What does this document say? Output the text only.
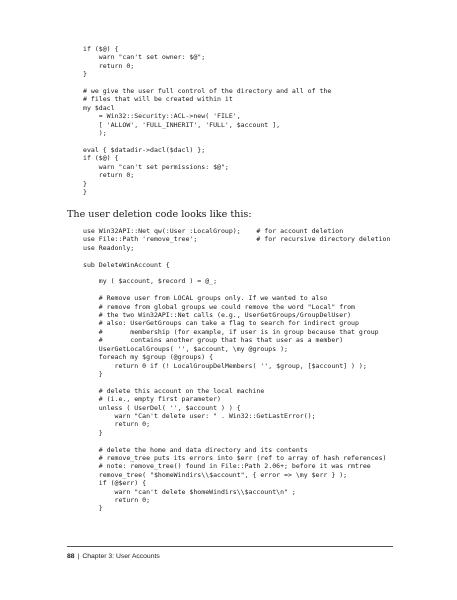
if ($@) {
warn "can't set owner: $@";
return 0;
}

# we give the user full control of the directory and all of the
# files that will be created within it
my $dacl
= Win32::Security::ACL->new( 'FILE',
[ 'ALLOW', 'FULL_INHERIT', 'FULL', $account ],
);

eval { $datadir->dacl($dacl) };
if ($@) {
warn "can't set permissions: $@";
return 0;
}
}

The user deletion code looks like this:

use Win32API::Net qw(:User :LocalGroup);    # for account deletion
use File::Path 'remove_tree';               # for recursive directory deletion
use Readonly;

sub DeleteWinAccount {

my ( $account, $record ) = @_;

# Remove user from LOCAL groups only. If we wanted to also
# remove from global groups we could remove the word "Local" from
# the two Win32API::Net calls (e.g., UserGetGroups/GroupDelUser)
# also: UserGetGroups can take a flag to search for indirect group
#       membership (for example, if user is in group because that group
#       contains another group that has that user as a member)
UserGetLocalGroups( '', $account, \my @groups );
foreach my $group (@groups) {
return 0 if (! LocalGroupDelMembers( '', $group, [$account] ) );
}

# delete this account on the local machine
# (i.e., empty first parameter)
unless ( UserDel( '', $account ) ) {
warn "Can't delete user: " . Win32::GetLastError();
return 0;
}

# delete the home and data directory and its contents
# remove_tree puts its errors into $err (ref to array of hash references)
# note: remove_tree() found in File::Path 2.06+; before it was rmtree
remove_tree( "$homeWindirs\\$account", { error => \my $err } );
if (@$err) {
warn "can't delete $homeWindirs\\$account\n" ;
return 0;
}

88 | Chapter 3: User Accounts
